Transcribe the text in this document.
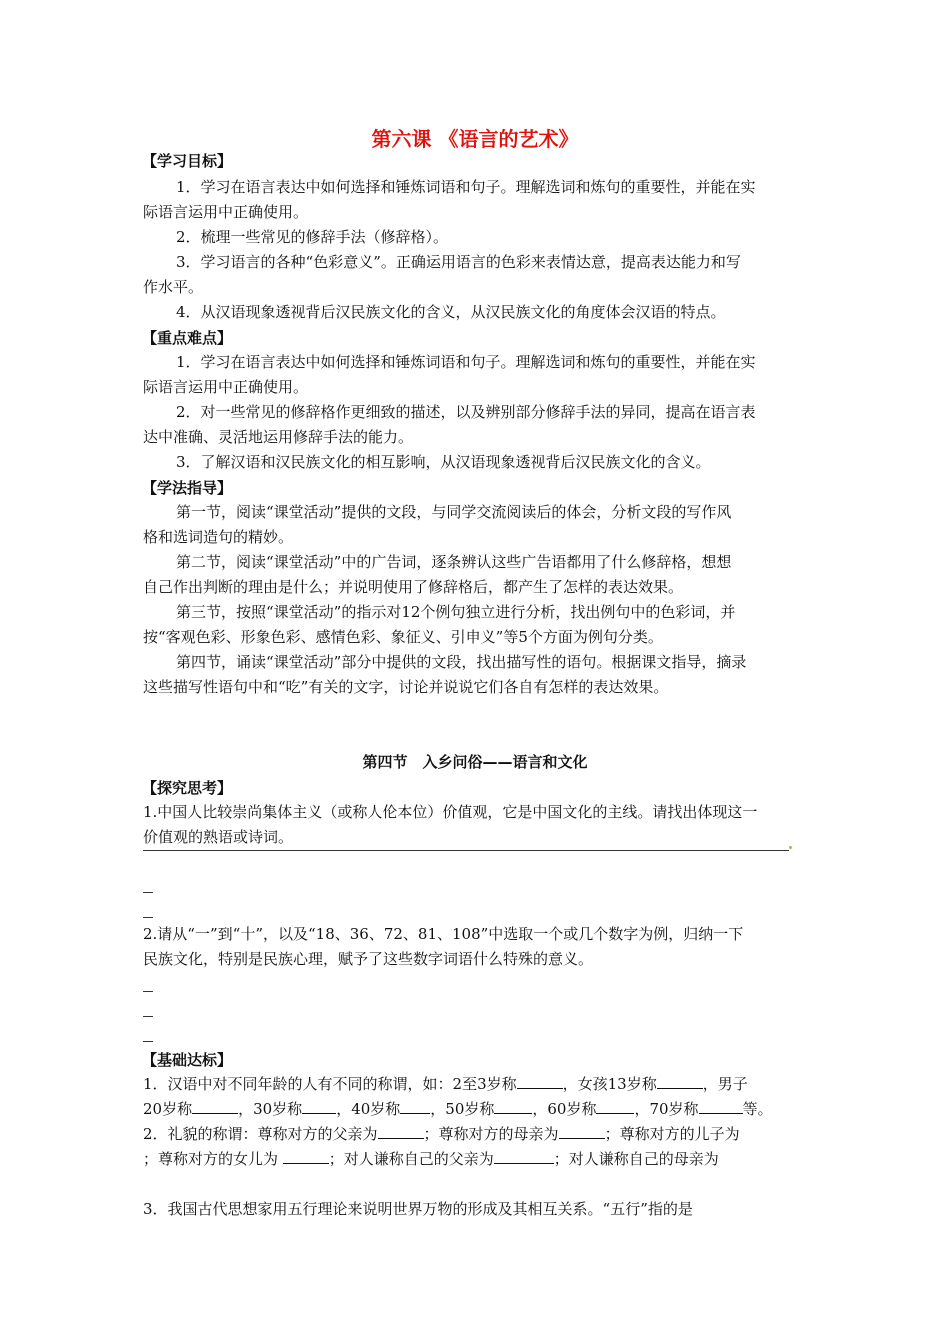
第六课 《语言的艺术》
【学习目标】
1．学习在语言表达中如何选择和锤炼词语和句子。理解选词和炼句的重要性，并能在实
际语言运用中正确使用。
2．梳理一些常见的修辞手法（修辞格）。
3．学习语言的各种“色彩意义”。正确运用语言的色彩来表情达意，提高表达能力和写
作水平。
4．从汉语现象透视背后汉民族文化的含义，从汉民族文化的角度体会汉语的特点。
【重点难点】
1．学习在语言表达中如何选择和锤炼词语和句子。理解选词和炼句的重要性，并能在实
际语言运用中正确使用。
2．对一些常见的修辞格作更细致的描述，以及辨别部分修辞手法的异同，提高在语言表
达中准确、灵活地运用修辞手法的能力。
3．了解汉语和汉民族文化的相互影响，从汉语现象透视背后汉民族文化的含义。
【学法指导】
第一节，阅读“课堂活动”提供的文段，与同学交流阅读后的体会，分析文段的写作风
格和选词造句的精妙。
第二节，阅读“课堂活动”中的广告词，逐条辨认这些广告语都用了什么修辞格，想想
自己作出判断的理由是什么；并说明使用了修辞格后，都产生了怎样的表达效果。
第三节，按照“课堂活动”的指示对12个例句独立进行分析，找出例句中的色彩词，并
按“客观色彩、形象色彩、感情色彩、象征义、引申义”等5个方面为例句分类。
第四节，诵读“课堂活动”部分中提供的文段，找出描写性的语句。根据课文指导，摘录
这些描写性语句中和“吃”有关的文字，讨论并说说它们各自有怎样的表达效果。
第四节　入乡问俗——语言和文化
【探究思考】
1.中国人比较崇尚集体主义（或称人伦本位）价值观，它是中国文化的主线。请找出体现这一
价值观的熟语或诗词。
2.请从“一”到“十”，以及“18、36、72、81、108”中选取一个或几个数字为例，归纳一下
民族文化，特别是民族心理，赋予了这些数字词语什么特殊的意义。
【基础达标】
1．汉语中对不同年龄的人有不同的称谓，如：2至3岁称	，女孩13岁称	，男子
20岁称	，30岁称 ，40岁称 ，50岁称	，60岁称	，70岁称	等。
2．礼貌的称谓：尊称对方的父亲为	；尊称对方的母亲为	；尊称对方的儿子为
；尊称对方的女儿为	；对人谦称自己的父亲为	；对人谦称自己的母亲为
3．我国古代思想家用五行理论来说明世界万物的形成及其相互关系。“五行”指的是
